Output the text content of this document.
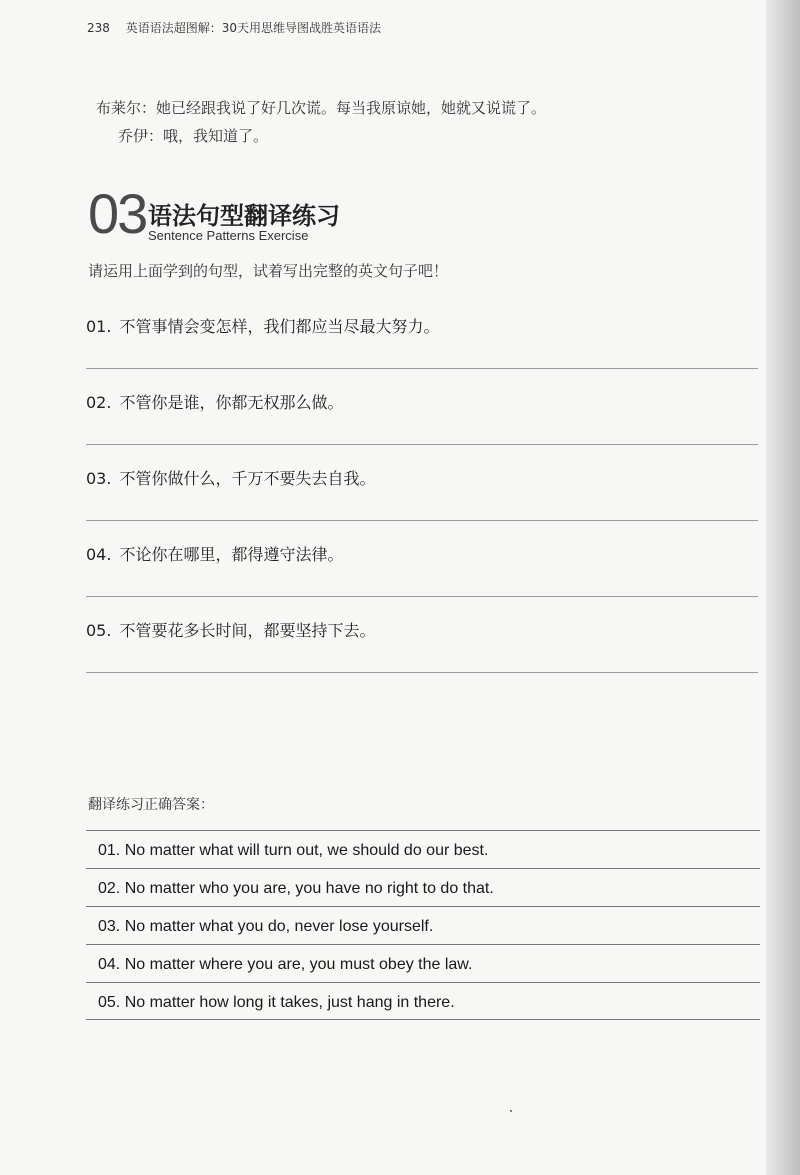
238 英语语法超图解：30天用思维导图战胜英语语法
布莱尔：她已经跟我说了好几次谎。每当我原谅她，她就又说谎了。
乔伊：哦，我知道了。
03 语法句型翻译练习
Sentence Patterns Exercise
请运用上面学到的句型，试着写出完整的英文句子吧！
01. 不管事情会变怎样，我们都应当尽最大努力。
02. 不管你是谁，你都无权那么做。
03. 不管你做什么，千万不要失去自我。
04. 不论你在哪里，都得遵守法律。
05. 不管要花多长时间，都要坚持下去。
翻译练习正确答案：
01. No matter what will turn out, we should do our best.
02. No matter who you are, you have no right to do that.
03. No matter what you do, never lose yourself.
04. No matter where you are, you must obey the law.
05. No matter how long it takes, just hang in there.
